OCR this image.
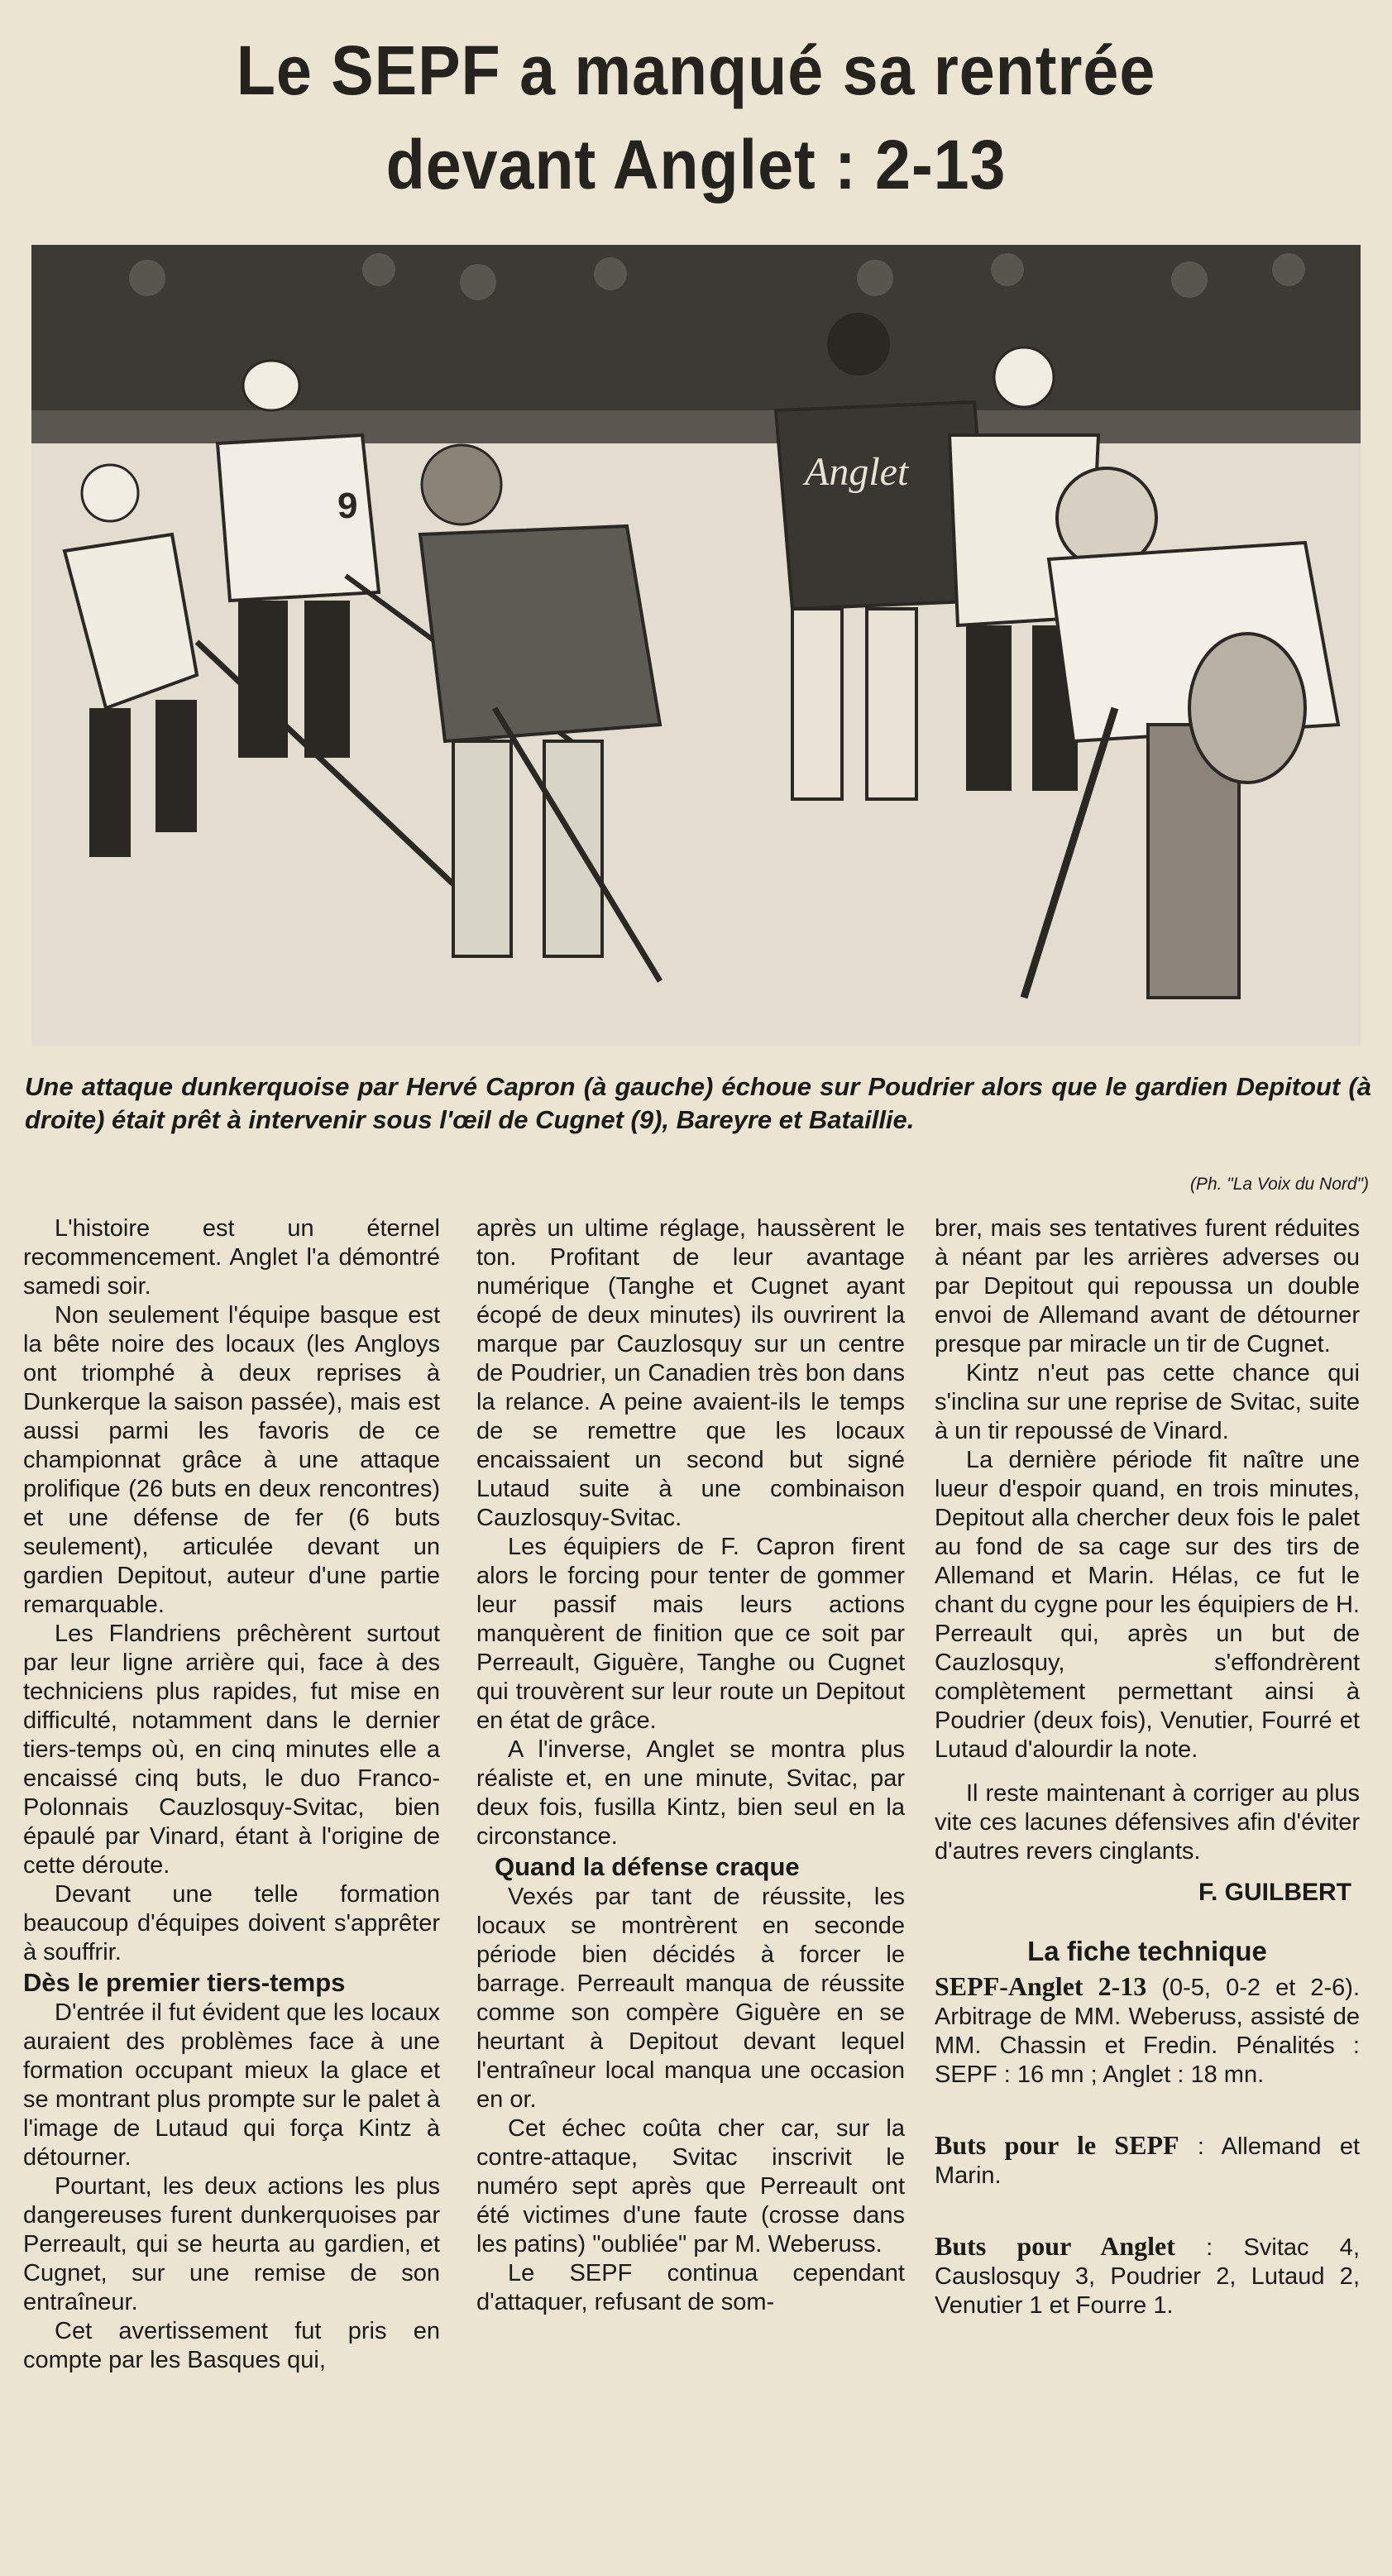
Le SEPF a manqué sa rentrée
devant Anglet : 2-13
9
Anglet
Une attaque dunkerquoise par Hervé Capron (à gauche) échoue sur Poudrier alors que le gardien Depitout (à droite) était prêt à intervenir sous l'œil de Cugnet (9), Bareyre et Bataillie.
(Ph. "La Voix du Nord")

L'histoire est un éternel recommencement. Anglet l'a démontré samedi soir.

Non seulement l'équipe basque est la bête noire des locaux (les Angloys ont triomphé à deux reprises à Dunkerque la saison passée), mais est aussi parmi les favoris de ce championnat grâce à une attaque prolifique (26 buts en deux rencontres) et une défense de fer (6 buts seulement), articulée devant un gardien Depitout, auteur d'une partie remarquable.

Les Flandriens prêchèrent surtout par leur ligne arrière qui, face à des techniciens plus rapides, fut mise en difficulté, notamment dans le dernier tiers-temps où, en cinq minutes elle a encaissé cinq buts, le duo Franco-Polonnais Cauzlosquy-Svitac, bien épaulé par Vinard, étant à l'origine de cette déroute.

Devant une telle formation beaucoup d'équipes doivent s'apprêter à souffrir.

Dès le premier tiers-temps

D'entrée il fut évident que les locaux auraient des problèmes face à une formation occupant mieux la glace et se montrant plus prompte sur le palet à l'image de Lutaud qui força Kintz à détourner.

Pourtant, les deux actions les plus dangereuses furent dunkerquoises par Perreault, qui se heurta au gardien, et Cugnet, sur une remise de son entraîneur.

Cet avertissement fut pris en compte par les Basques qui,

après un ultime réglage, haussèrent le ton. Profitant de leur avantage numérique (Tanghe et Cugnet ayant écopé de deux minutes) ils ouvrirent la marque par Cauzlosquy sur un centre de Poudrier, un Canadien très bon dans la relance. A peine avaient-ils le temps de se remettre que les locaux encaissaient un second but signé Lutaud suite à une combinaison Cauzlosquy-Svitac.

Les équipiers de F. Capron firent alors le forcing pour tenter de gommer leur passif mais leurs actions manquèrent de finition que ce soit par Perreault, Giguère, Tanghe ou Cugnet qui trouvèrent sur leur route un Depitout en état de grâce.

A l'inverse, Anglet se montra plus réaliste et, en une minute, Svitac, par deux fois, fusilla Kintz, bien seul en la circonstance.

Quand la défense craque

Vexés par tant de réussite, les locaux se montrèrent en seconde période bien décidés à forcer le barrage. Perreault manqua de réussite comme son compère Giguère en se heurtant à Depitout devant lequel l'entraîneur local manqua une occasion en or.

Cet échec coûta cher car, sur la contre-attaque, Svitac inscrivit le numéro sept après que Perreault ont été victimes d'une faute (crosse dans les patins) "oubliée" par M. Weberuss.

Le SEPF continua cependant d'attaquer, refusant de som-

brer, mais ses tentatives furent réduites à néant par les arrières adverses ou par Depitout qui repoussa un double envoi de Allemand avant de détourner presque par miracle un tir de Cugnet.

Kintz n'eut pas cette chance qui s'inclina sur une reprise de Svitac, suite à un tir repoussé de Vinard.

La dernière période fit naître une lueur d'espoir quand, en trois minutes, Depitout alla chercher deux fois le palet au fond de sa cage sur des tirs de Allemand et Marin. Hélas, ce fut le chant du cygne pour les équipiers de H. Perreault qui, après un but de Cauzlosquy, s'effondrèrent complètement permettant ainsi à Poudrier (deux fois), Venutier, Fourré et Lutaud d'alourdir la note.

Il reste maintenant à corriger au plus vite ces lacunes défensives afin d'éviter d'autres revers cinglants.

F. GUILBERT
La fiche technique

SEPF-Anglet 2-13 (0-5, 0-2 et 2-6). Arbitrage de MM. Weberuss, assisté de MM. Chassin et Fredin. Pénalités : SEPF : 16 mn ; Anglet : 18 mn.

Buts pour le SEPF : Allemand et Marin.

Buts pour Anglet : Svitac 4, Causlosquy 3, Poudrier 2, Lutaud 2, Venutier 1 et Fourre 1.
